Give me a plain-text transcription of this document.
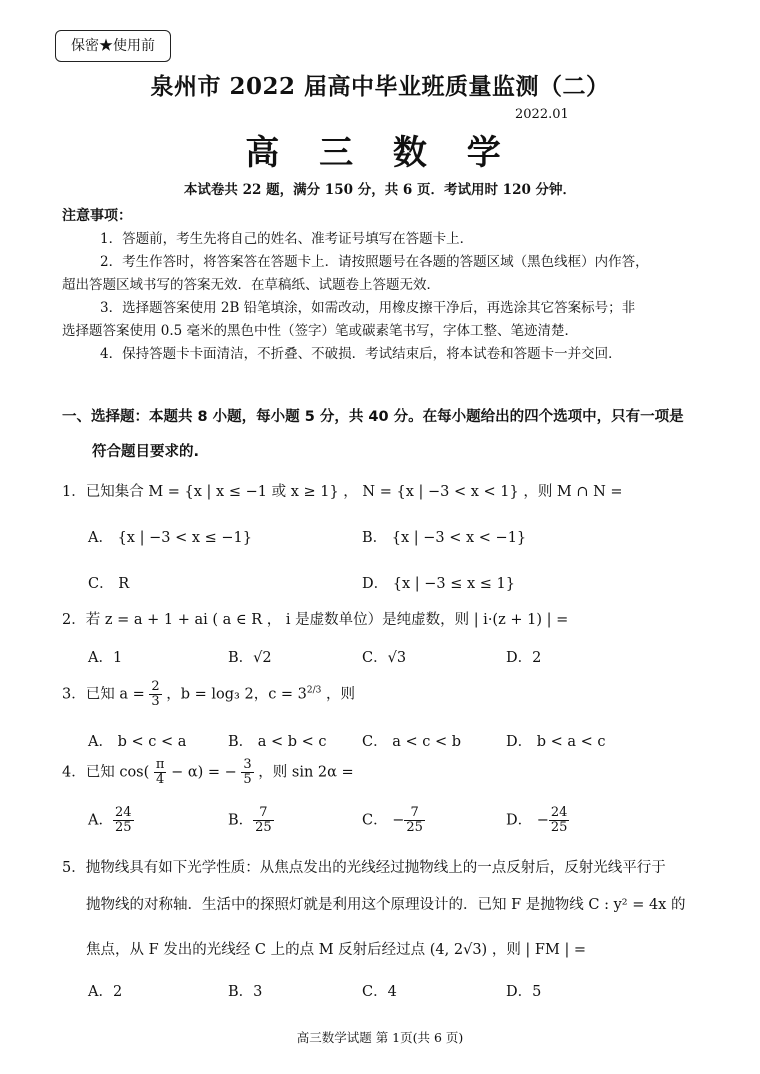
保密★使用前
泉州市 2022 届高中毕业班质量监测（二）
2022.01
高 三 数 学
本试卷共 22 题，满分 150 分，共 6 页．考试用时 120 分钟．
注意事项：
1．答题前，考生先将自己的姓名、准考证号填写在答题卡上．
2．考生作答时，将答案答在答题卡上．请按照题号在各题的答题区域（黑色线框）内作答，
超出答题区域书写的答案无效．在草稿纸、试题卷上答题无效．
3．选择题答案使用 2B 铅笔填涂，如需改动，用橡皮擦干净后，再选涂其它答案标号；非
选择题答案使用 0.5 毫米的黑色中性（签字）笔或碳素笔书写，字体工整、笔迹清楚．
4．保持答题卡卡面清洁，不折叠、不破损．考试结束后，将本试卷和答题卡一并交回．
一、选择题：本题共 8 小题，每小题 5 分，共 40 分。在每小题给出的四个选项中，只有一项是
符合题目要求的.
1．已知集合 M = {x | x ≤ −1 或 x ≥ 1} ， N = {x | −3 < x < 1} ，则 M ∩ N =
A． {x | −3 < x ≤ −1}	B． {x | −3 < x < −1}
C． R	D． {x | −3 ≤ x ≤ 1}
2．若 z = a + 1 + ai ( a ∈ R ， i 是虚数单位）是纯虚数，则 | i·(z + 1) | =
A．1	B．√2	C．√3	D．2
3．已知 $a = \frac{2}{3}$ ，b = log₃ 2，$c = 3^{2/3}$ ，则
A． b < c < a	B． a < b < c C． a < c < b	D． b < a < c
4．已知 $\cos( \frac{\pi}{4} - \alpha)$ = − $\frac{3}{5}$ ，则 sin 2α =
A． $\frac{24}{25}$	B． $\frac{7}{25}$	C． − $\frac{7}{25}$	D． − $\frac{24}{25}$
5．抛物线具有如下光学性质：从焦点发出的光线经过抛物线上的一点反射后，反射光线平行于
抛物线的对称轴．生活中的探照灯就是利用这个原理设计的．已知 F 是抛物线 C : y² = 4x 的
焦点，从 F 发出的光线经 C 上的点 M 反射后经过点 (4, 2√3) ，则 | FM | =
A．2	B．3	C．4	D．5
高三数学试题 第 1页(共 6 页)
